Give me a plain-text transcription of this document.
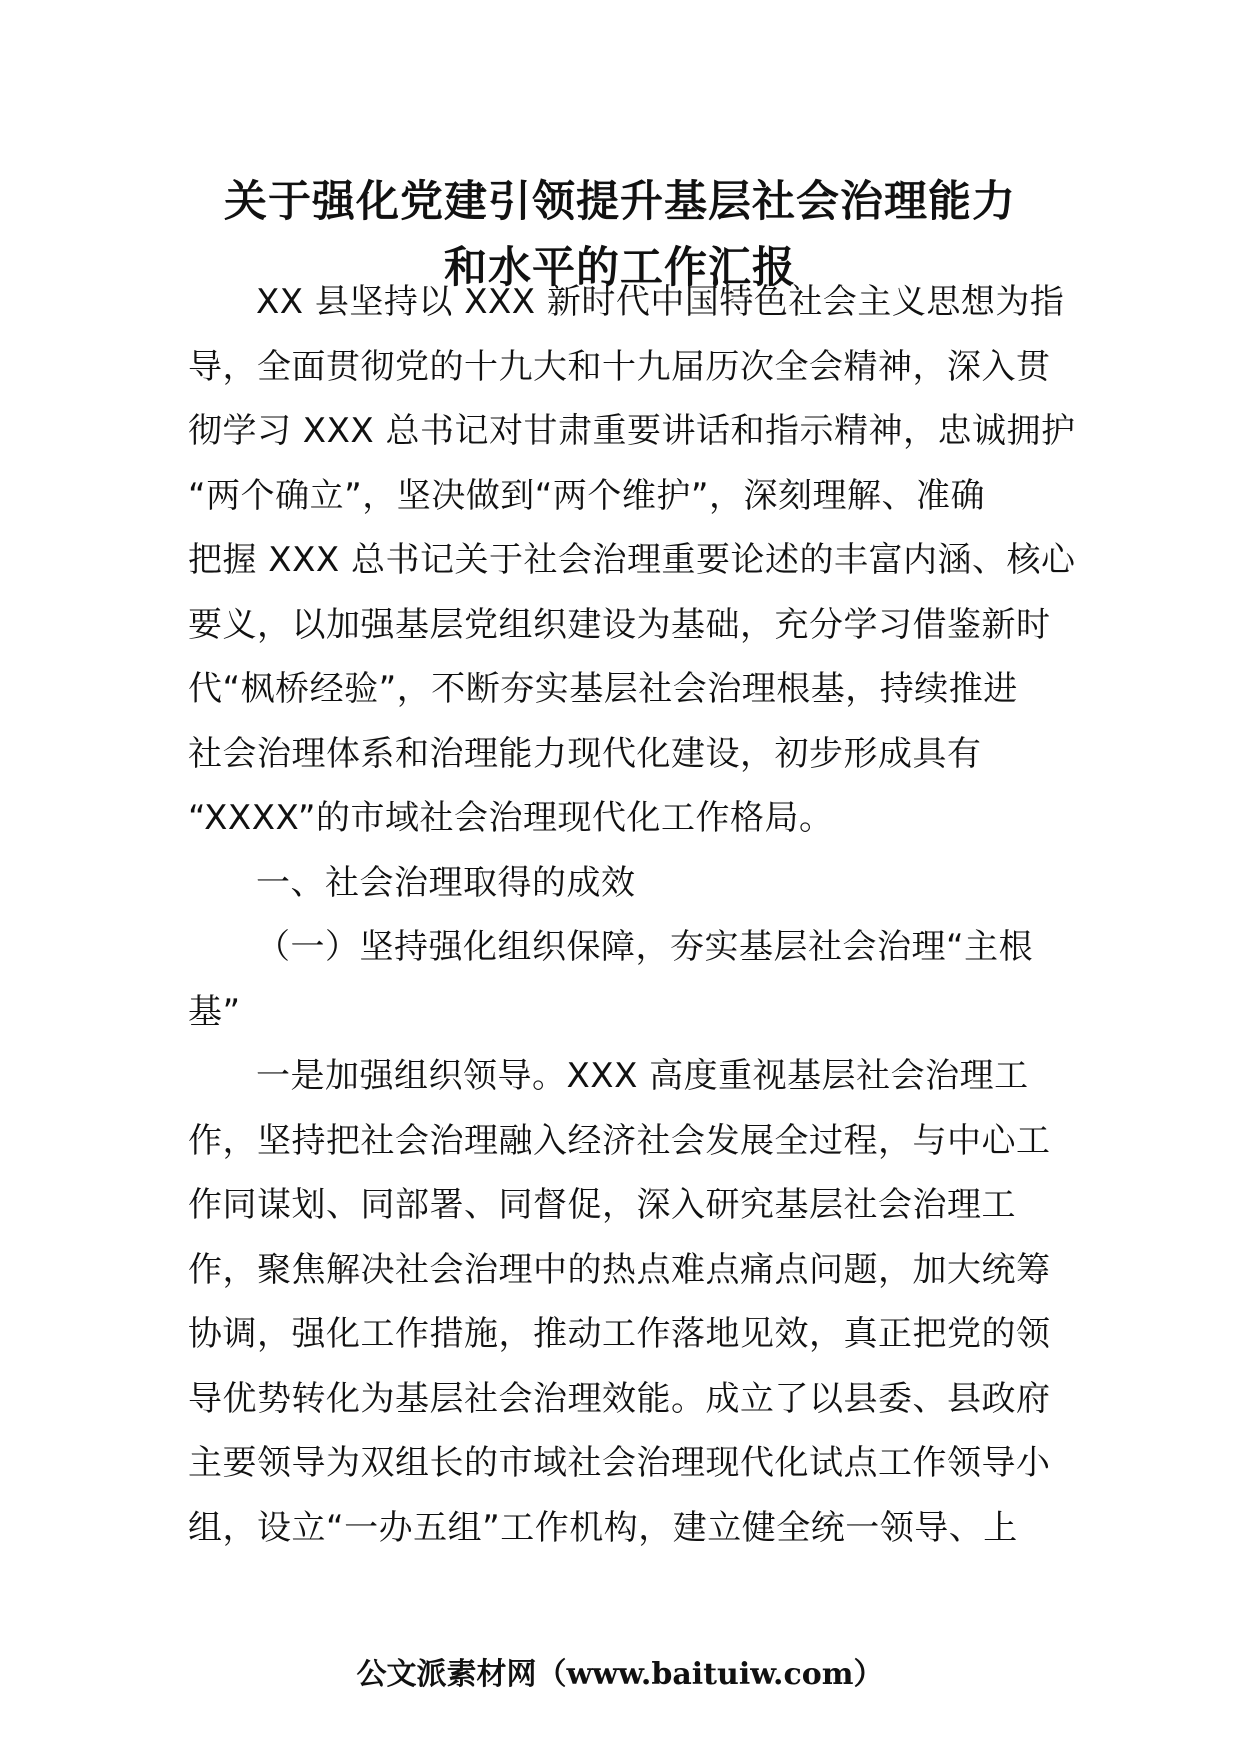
关于强化党建引领提升基层社会治理能力
和水平的工作汇报
XX 县坚持以 XXX 新时代中国特色社会主义思想为指
导，全面贯彻党的十九大和十九届历次全会精神，深入贯
彻学习 XXX 总书记对甘肃重要讲话和指示精神，忠诚拥护
“两个确立”，坚决做到“两个维护”，深刻理解、准确
把握 XXX 总书记关于社会治理重要论述的丰富内涵、核心
要义，以加强基层党组织建设为基础，充分学习借鉴新时
代“枫桥经验”，不断夯实基层社会治理根基，持续推进
社会治理体系和治理能力现代化建设，初步形成具有
“XXXX”的市域社会治理现代化工作格局。
一、社会治理取得的成效
（一）坚持强化组织保障，夯实基层社会治理“主根
基”
一是加强组织领导。XXX 高度重视基层社会治理工
作，坚持把社会治理融入经济社会发展全过程，与中心工
作同谋划、同部署、同督促，深入研究基层社会治理工
作，聚焦解决社会治理中的热点难点痛点问题，加大统筹
协调，强化工作措施，推动工作落地见效，真正把党的领
导优势转化为基层社会治理效能。成立了以县委、县政府
主要领导为双组长的市域社会治理现代化试点工作领导小
组，设立“一办五组”工作机构，建立健全统一领导、上
公文派素材网（www.baituiw.com）
